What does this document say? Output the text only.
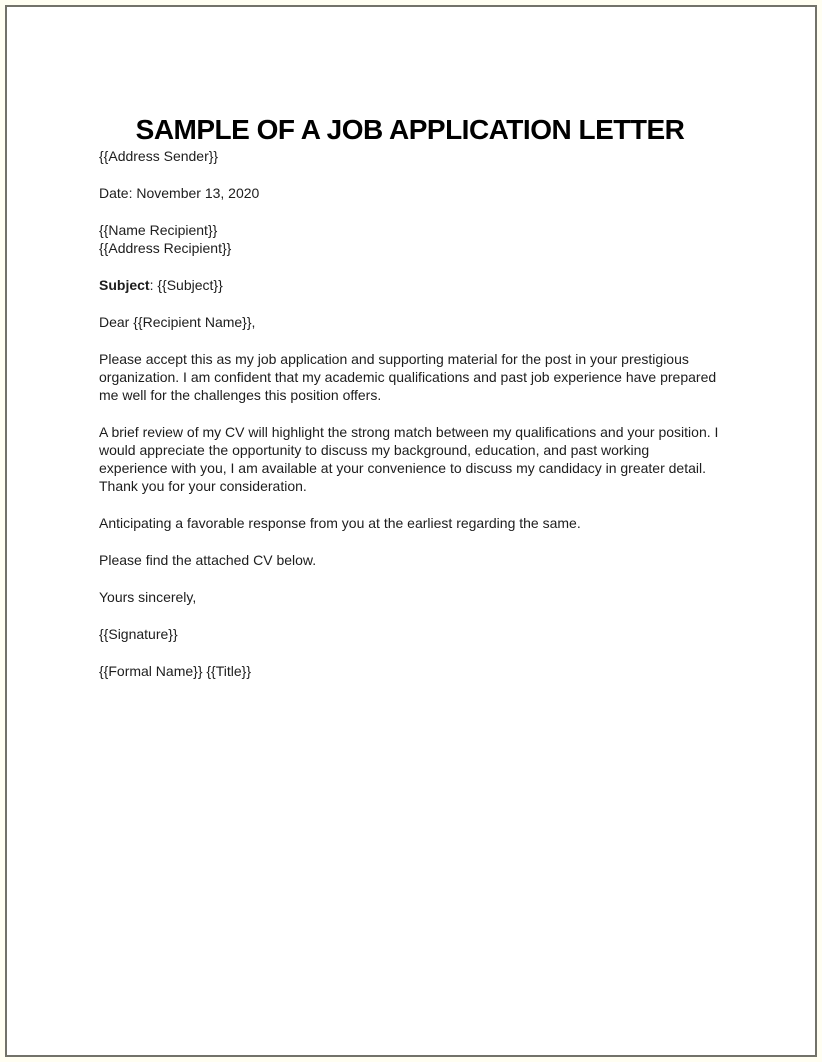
SAMPLE OF A JOB APPLICATION LETTER

{{Address Sender}}

Date: November 13, 2020

{{Name Recipient}}
{{Address Recipient}}

Subject: {{Subject}}

Dear {{Recipient Name}},

Please accept this as my job application and supporting material for the post in your prestigious organization. I am confident that my academic qualifications and past job experience have prepared me well for the challenges this position offers.

A brief review of my CV will highlight the strong match between my qualifications and your position. I would appreciate the opportunity to discuss my background, education, and past working experience with you, I am available at your convenience to discuss my candidacy in greater detail. Thank you for your consideration.

Anticipating a favorable response from you at the earliest regarding the same.

Please find the attached CV below.

Yours sincerely,

{{Signature}}

{{Formal Name}} {{Title}}
